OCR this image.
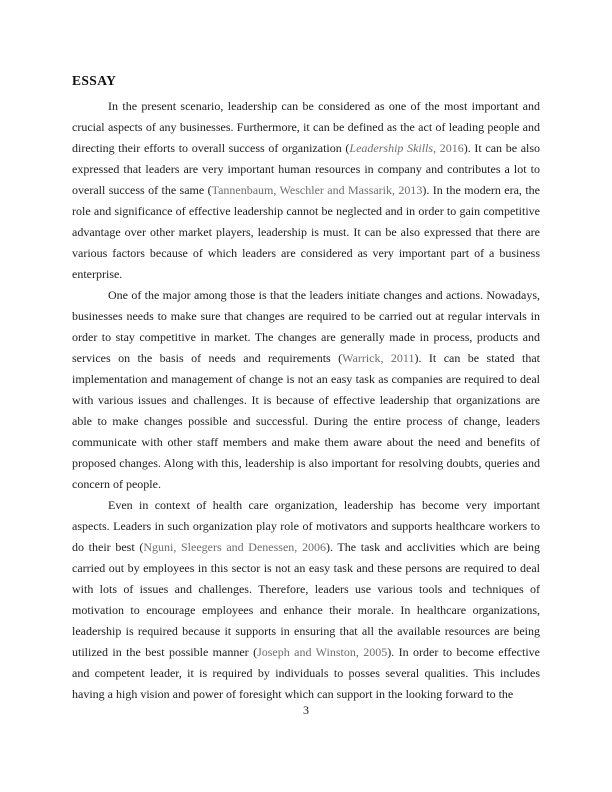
ESSAY

In the present scenario, leadership can be considered as one of the most important and crucial aspects of any businesses. Furthermore, it can be defined as the act of leading people and directing their efforts to overall success of organization (Leadership Skills, 2016). It can be also expressed that leaders are very important human resources in company and contributes a lot to overall success of the same (Tannenbaum, Weschler and Massarik, 2013). In the modern era, the role and significance of effective leadership cannot be neglected and in order to gain competitive advantage over other market players, leadership is must. It can be also expressed that there are various factors because of which leaders are considered as very important part of a business enterprise.

One of the major among those is that the leaders initiate changes and actions. Nowadays, businesses needs to make sure that changes are required to be carried out at regular intervals in order to stay competitive in market. The changes are generally made in process, products and services on the basis of needs and requirements (Warrick, 2011). It can be stated that implementation and management of change is not an easy task as companies are required to deal with various issues and challenges. It is because of effective leadership that organizations are able to make changes possible and successful. During the entire process of change, leaders communicate with other staff members and make them aware about the need and benefits of proposed changes. Along with this, leadership is also important for resolving doubts, queries and concern of people.

Even in context of health care organization, leadership has become very important aspects. Leaders in such organization play role of motivators and supports healthcare workers to do their best (Nguni, Sleegers and Denessen, 2006). The task and acclivities which are being carried out by employees in this sector is not an easy task and these persons are required to deal with lots of issues and challenges. Therefore, leaders use various tools and techniques of motivation to encourage employees and enhance their morale. In healthcare organizations, leadership is required because it supports in ensuring that all the available resources are being utilized in the best possible manner (Joseph and Winston, 2005). In order to become effective and competent leader, it is required by individuals to posses several qualities. This includes having a high vision and power of foresight which can support in the looking forward to the

3
